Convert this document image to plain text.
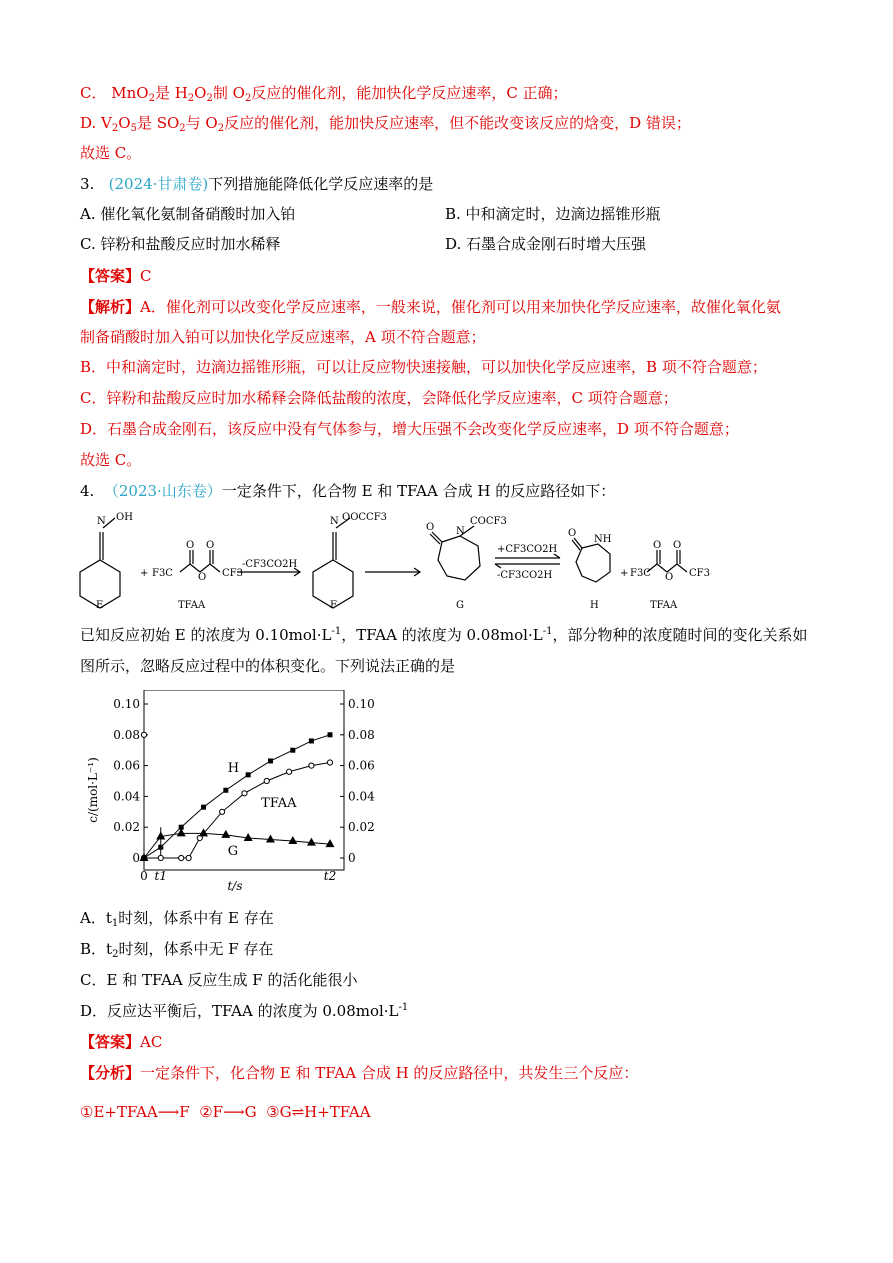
C． MnO$_2$是 $H_2O_2$制 $O_2$反应的催化剂，能加快化学反应速率，C 正确；
D. $V_2O_5$是 $SO_2$与 $O_2$反应的催化剂，能加快反应速率，但不能改变该反应的焓变，D 错误；
故选 C。
3. (2024·甘肃卷)下列措施能降低化学反应速率的是
A. 催化氧化氨制备硝酸时加入铂	B. 中和滴定时，边滴边摇锥形瓶
C. 锌粉和盐酸反应时加水稀释	D. 石墨合成金刚石时增大压强
【答案】C
【解析】A．催化剂可以改变化学反应速率，一般来说，催化剂可以用来加快化学反应速率，故催化氧化氨
制备硝酸时加入铂可以加快化学反应速率，A 项不符合题意；
B．中和滴定时，边滴边摇锥形瓶，可以让反应物快速接触，可以加快化学反应速率，B 项不符合题意；
C．锌粉和盐酸反应时加水稀释会降低盐酸的浓度，会降低化学反应速率，C 项符合题意；
D．石墨合成金刚石，该反应中没有气体参与，增大压强不会改变化学反应速率，D 项不符合题意；
故选 C。
4. （2023·山东卷）一定条件下，化合物 E 和 TFAA 合成 H 的反应路径如下：
N OH
+ F3C
O O
O CF3
-CF3CO2H
N OOCCF3
O N
COCF3
+CF3CO2H
-CF3CO2H
O
NH
+ F3C
O O
O CF3
E	TFAA	F	G	H	TFAA
已知反应初始 E 的浓度为 $0.10mol\cdot L^{-1}$，TFAA 的浓度为 $0.08mol\cdot L^{-1}$，部分物种的浓度随时间的变化关系如
图所示，忽略反应过程中的体积变化。下列说法正确的是
0
0.02
0.04
0.06
0.08
0.10
0
0.02
0.04
0.06
0.08
0.10
0 t1	t2
c/(mol·L⁻¹)
t/s
H
TFAA
G
A．$t_1$时刻，体系中有 E 存在
B．$t_2$时刻，体系中无 F 存在
C．E 和 TFAA 反应生成 F 的活化能很小
D．反应达平衡后，TFAA 的浓度为 $0.08mol\cdot L^{-1}$
【答案】AC
【分析】一定条件下，化合物 E 和 TFAA 合成 H 的反应路径中，共发生三个反应：
①E+TFAA⟶F ②F⟶G ③G⇌H+TFAA
